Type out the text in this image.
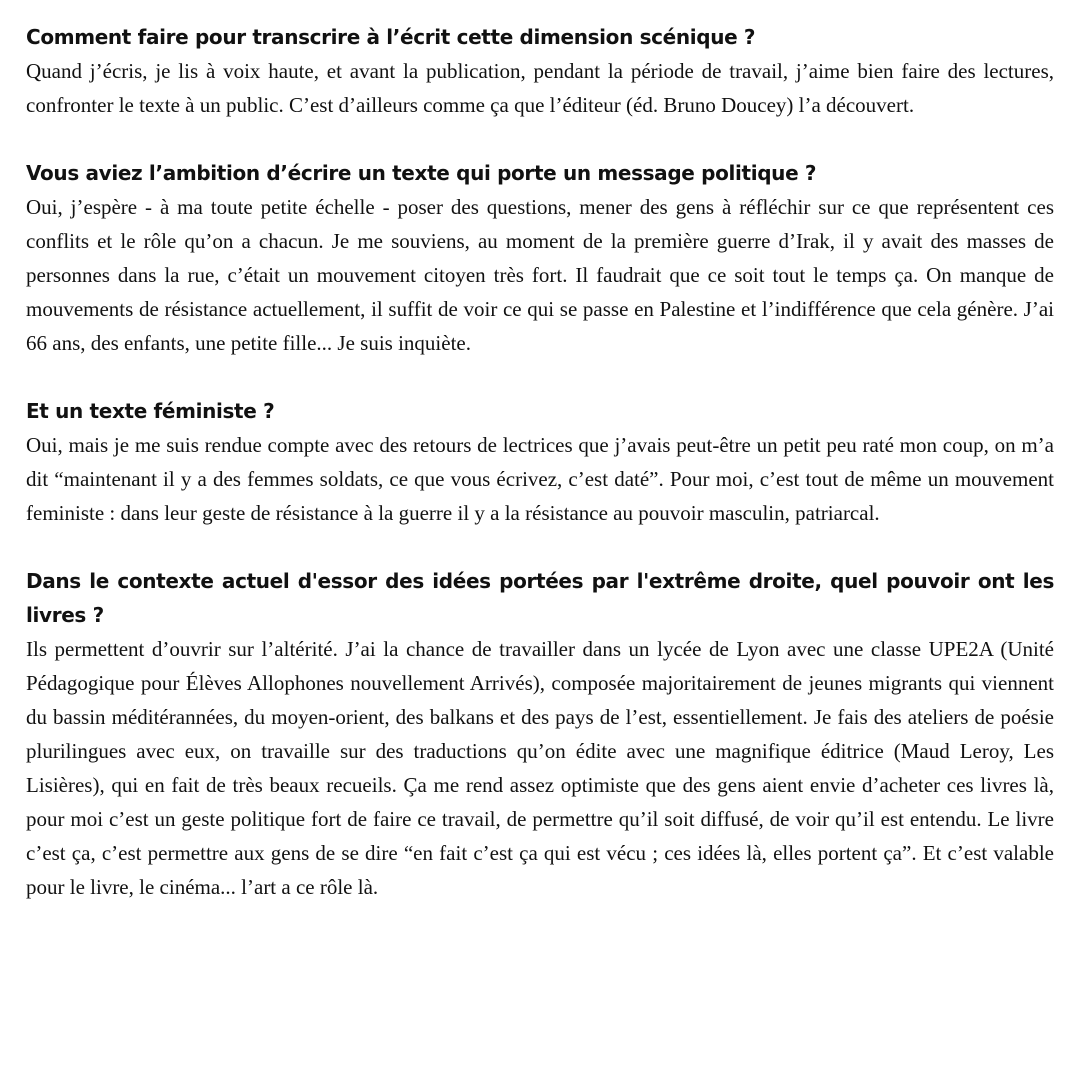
Comment faire pour transcrire à l’écrit cette dimension scénique ?

Quand j’écris, je lis à voix haute, et avant la publication, pendant la période de travail, j’aime bien faire des lectures, confronter le texte à un public. C’est d’ailleurs comme ça que l’éditeur (éd. Bruno Doucey) l’a découvert.

Vous aviez l’ambition d’écrire un texte qui porte un message politique ?

Oui, j’espère - à ma toute petite échelle - poser des questions, mener des gens à réfléchir sur ce que représentent ces conflits et le rôle qu’on a chacun. Je me souviens, au moment de la première guerre d’Irak, il y avait des masses de personnes dans la rue, c’était un mouvement citoyen très fort. Il faudrait que ce soit tout le temps ça. On manque de mouvements de résistance actuellement, il suffit de voir ce qui se passe en Palestine et l’indifférence que cela génère. J’ai 66 ans, des enfants, une petite fille... Je suis inquiète.

Et un texte féministe ?

Oui, mais je me suis rendue compte avec des retours de lectrices que j’avais peut-être un petit peu raté mon coup, on m’a dit “maintenant il y a des femmes soldats, ce que vous écrivez, c’est daté”. Pour moi, c’est tout de même un mouvement feministe : dans leur geste de résistance à la guerre il y a la résistance au pouvoir masculin, patriarcal.

Dans le contexte actuel d'essor des idées portées par l'extrême droite, quel pouvoir ont les livres ?

Ils permettent d’ouvrir sur l’altérité. J’ai la chance de travailler dans un lycée de Lyon avec une classe UPE2A (Unité Pédagogique pour Élèves Allophones nouvellement Arrivés), composée majoritairement de jeunes migrants qui viennent du bassin méditérannées, du moyen-orient, des balkans et des pays de l’est, essentiellement. Je fais des ateliers de poésie plurilingues avec eux, on travaille sur des traductions qu’on édite avec une magnifique éditrice (Maud Leroy, Les Lisières), qui en fait de très beaux recueils. Ça me rend assez optimiste que des gens aient envie d’acheter ces livres là, pour moi c’est un geste politique fort de faire ce travail, de permettre qu’il soit diffusé, de voir qu’il est entendu. Le livre c’est ça, c’est permettre aux gens de se dire “en fait c’est ça qui est vécu ; ces idées là, elles portent ça”. Et c’est valable pour le livre, le cinéma... l’art a ce rôle là.
